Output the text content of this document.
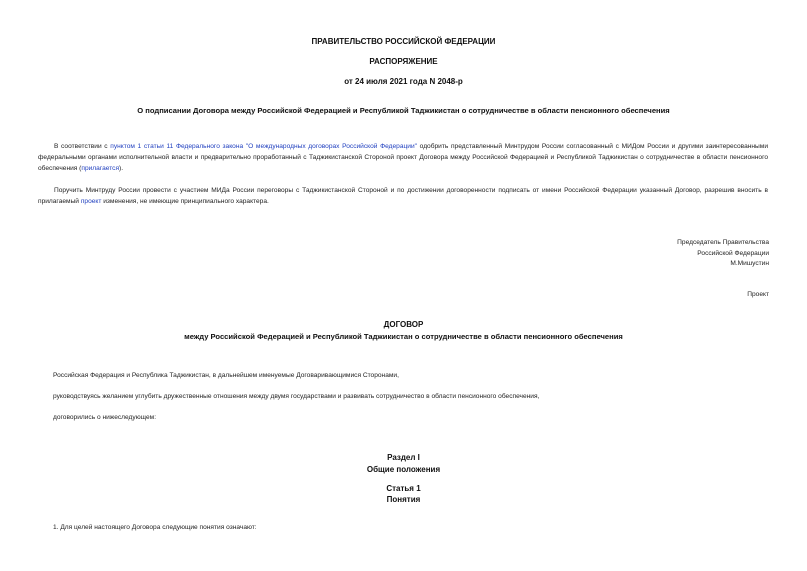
ПРАВИТЕЛЬСТВО РОССИЙСКОЙ ФЕДЕРАЦИИ
РАСПОРЯЖЕНИЕ
от 24 июля 2021 года N 2048-р
О подписании Договора между Российской Федерацией и Республикой Таджикистан о сотрудничестве в области пенсионного обеспечения
В соответствии с пунктом 1 статьи 11 Федерального закона "О международных договорах Российской Федерации" одобрить представленный Минтрудом России согласованный с МИДом России и другими заинтересованными федеральными органами исполнительной власти и предварительно проработанный с Таджикистанской Стороной проект Договора между Российской Федерацией и Республикой Таджикистан о сотрудничестве в области пенсионного обеспечения (прилагается).
Поручить Минтруду России провести с участием МИДа России переговоры с Таджикистанской Стороной и по достижении договоренности подписать от имени Российской Федерации указанный Договор, разрешив вносить в прилагаемый проект изменения, не имеющие принципиального характера.
Председатель Правительства
Российской Федерации
М.Мишустин
Проект
ДОГОВОР
между Российской Федерацией и Республикой Таджикистан о сотрудничестве в области пенсионного обеспечения
Российская Федерация и Республика Таджикистан, в дальнейшем именуемые Договаривающимися Сторонами,
руководствуясь желанием углубить дружественные отношения между двумя государствами и развивать сотрудничество в области пенсионного обеспечения,
договорились о нижеследующем:
Раздел I
Общие положения
Статья 1
Понятия
1. Для целей настоящего Договора следующие понятия означают:
